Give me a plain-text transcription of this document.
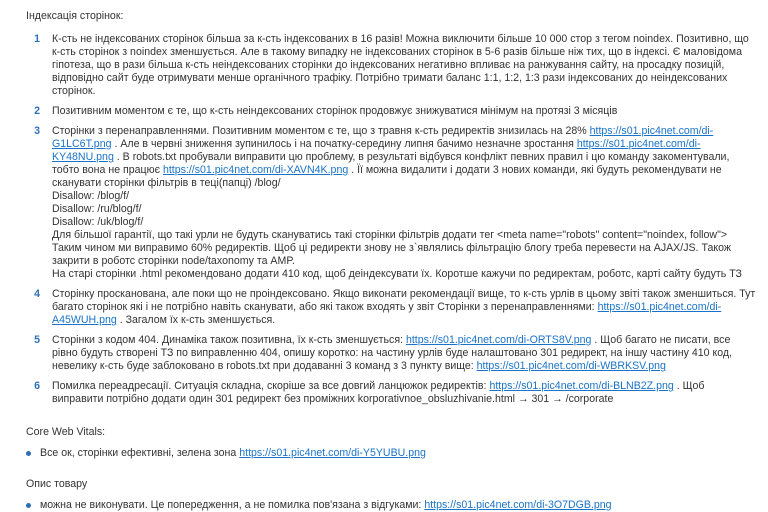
Індексація сторінок:
1 К-сть не індексованих сторінок більша за к-сть індексованих в 16 разів! Можна виключити більше 10 000 стор з тегом noindex. Позитивно, що к-сть сторінок з noindex зменшується. Але в такому випадку не індексованих сторінок в 5-6 разів більше ніж тих, що в індексі. Є маловідома гіпотеза, що в рази більша к-сть неіндексованих сторінки до індексованих негативно впливає на ранжування сайту, на просадку позицій, відповідно сайт буде отримувати менше органічного трафіку. Потрібно тримати баланс 1:1, 1:2, 1:3 рази індексованих до неіндексованих сторінок.
2 Позитивним моментом є те, що к-сть неіндексованих сторінок продовжує знижуватися мінімум на протязі 3 місяців
3 Сторінки з перенаправленнями. Позитивним моментом є те, що з травня к-сть редиректів знизилась на 28% https://s01.pic4net.com/di-G1LC6T.png . Але в червні зниження зупинилось і на початку-середину липня бачимо незначне зростання https://s01.pic4net.com/di-KY48NU.png . В robots.txt пробували виправити цю проблему, в результаті відбувся конфлікт певних правил і цю команду закоментували, тобто вона не працює https://s01.pic4net.com/di-XAVN4K.png . Її можна видалити і додати 3 нових команди, які будуть рекомендувати не сканувати сторінки фільтрів в теці(папці) /blog/
Disallow: /blog/f/
Disallow: /ru/blog/f/
Disallow: /uk/blog/f/
Для більшої гарантії, що такі урли не будуть скануватись такі сторінки фільтрів додати тег <meta name="robots" content="noindex, follow">
Таким чином ми виправимо 60% редиректів. Щоб ці редиректи знову не з`являлись фільтрацію блогу треба перевести на AJAX/JS. Також закрити в роботс сторінки node/taxonomy та AMP.
На старі сторінки .html рекомендовано додати 410 код, щоб деіндексувати їх. Коротше кажучи по редиректам, роботс, карті сайту будуть ТЗ
4 Сторінку просканована, але поки що не проіндексовано. Якщо виконати рекомендації вище, то к-сть урлів в цьому звіті також зменшиться. Тут багато сторінок які і не потрібно навіть сканувати, або які також входять у звіт Сторінки з перенаправленнями: https://s01.pic4net.com/di-A45WUH.png . Загалом їх к-сть зменшується.
5 Сторінки з кодом 404. Динаміка також позитивна, їх к-сть зменшується: https://s01.pic4net.com/di-ORTS8V.png . Щоб багато не писати, все рівно будуть створені ТЗ по виправленню 404, опишу коротко: на частину урлів буде налаштовано 301 редирект, на іншу частину 410 код, невелику к-сть буде заблоковано в robots.txt при додаванні 3 команд з 3 пункту вище: https://s01.pic4net.com/di-WBRKSV.png
6 Помилка переадресації. Ситуація складна, скоріше за все довгий ланцюжок редиректів: https://s01.pic4net.com/di-BLNB2Z.png . Щоб виправити потрібно додати один 301 редирект без проміжних korporativnoe_obsluzhivanie.html → 301 → /corporate
Core Web Vitals:
Все ок, сторінки ефективні, зелена зона https://s01.pic4net.com/di-Y5YUBU.png
Опис товару
можна не виконувати. Це попередження, а не помилка пов'язана з відгуками: https://s01.pic4net.com/di-3O7DGB.png
